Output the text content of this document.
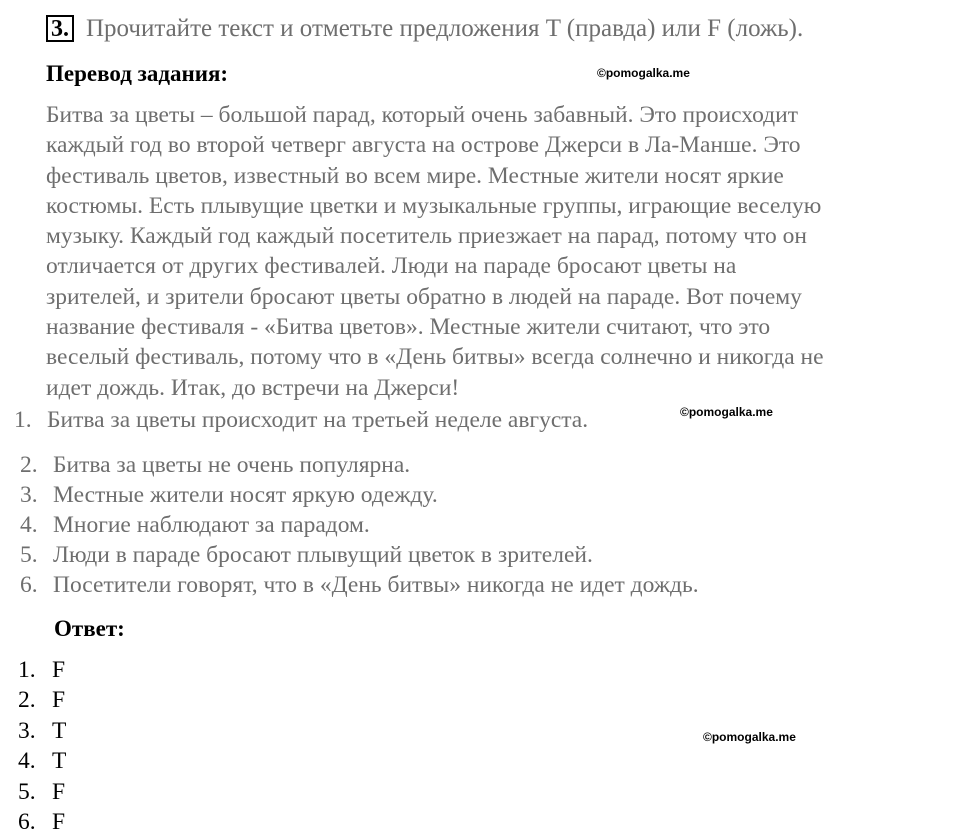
3. Прочитайте текст и отметьте предложения T (правда) или F (ложь).
Перевод задания:	©pomogalka.me
Битва за цветы – большой парад, который очень забавный. Это происходит
каждый год во второй четверг августа на острове Джерси в Ла-Манше. Это
фестиваль цветов, известный во всем мире. Местные жители носят яркие
костюмы. Есть плывущие цветки и музыкальные группы, играющие веселую
музыку. Каждый год каждый посетитель приезжает на парад, потому что он
отличается от других фестивалей. Люди на параде бросают цветы на
зрителей, и зрители бросают цветы обратно в людей на параде. Вот почему
название фестиваля - «Битва цветов». Местные жители считают, что это
веселый фестиваль, потому что в «День битвы» всегда солнечно и никогда не
идет дождь. Итак, до встречи на Джерси!
1. Битва за цветы происходит на третьей неделе августа.	©pomogalka.me
2. Битва за цветы не очень популярна.
3. Местные жители носят яркую одежду.
4. Многие наблюдают за парадом.
5. Люди в параде бросают плывущий цветок в зрителей.
6. Посетители говорят, что в «День битвы» никогда не идет дождь.
Ответ:
1. F
2. F
3. T	©pomogalka.me
4. T
5. F
6. F
